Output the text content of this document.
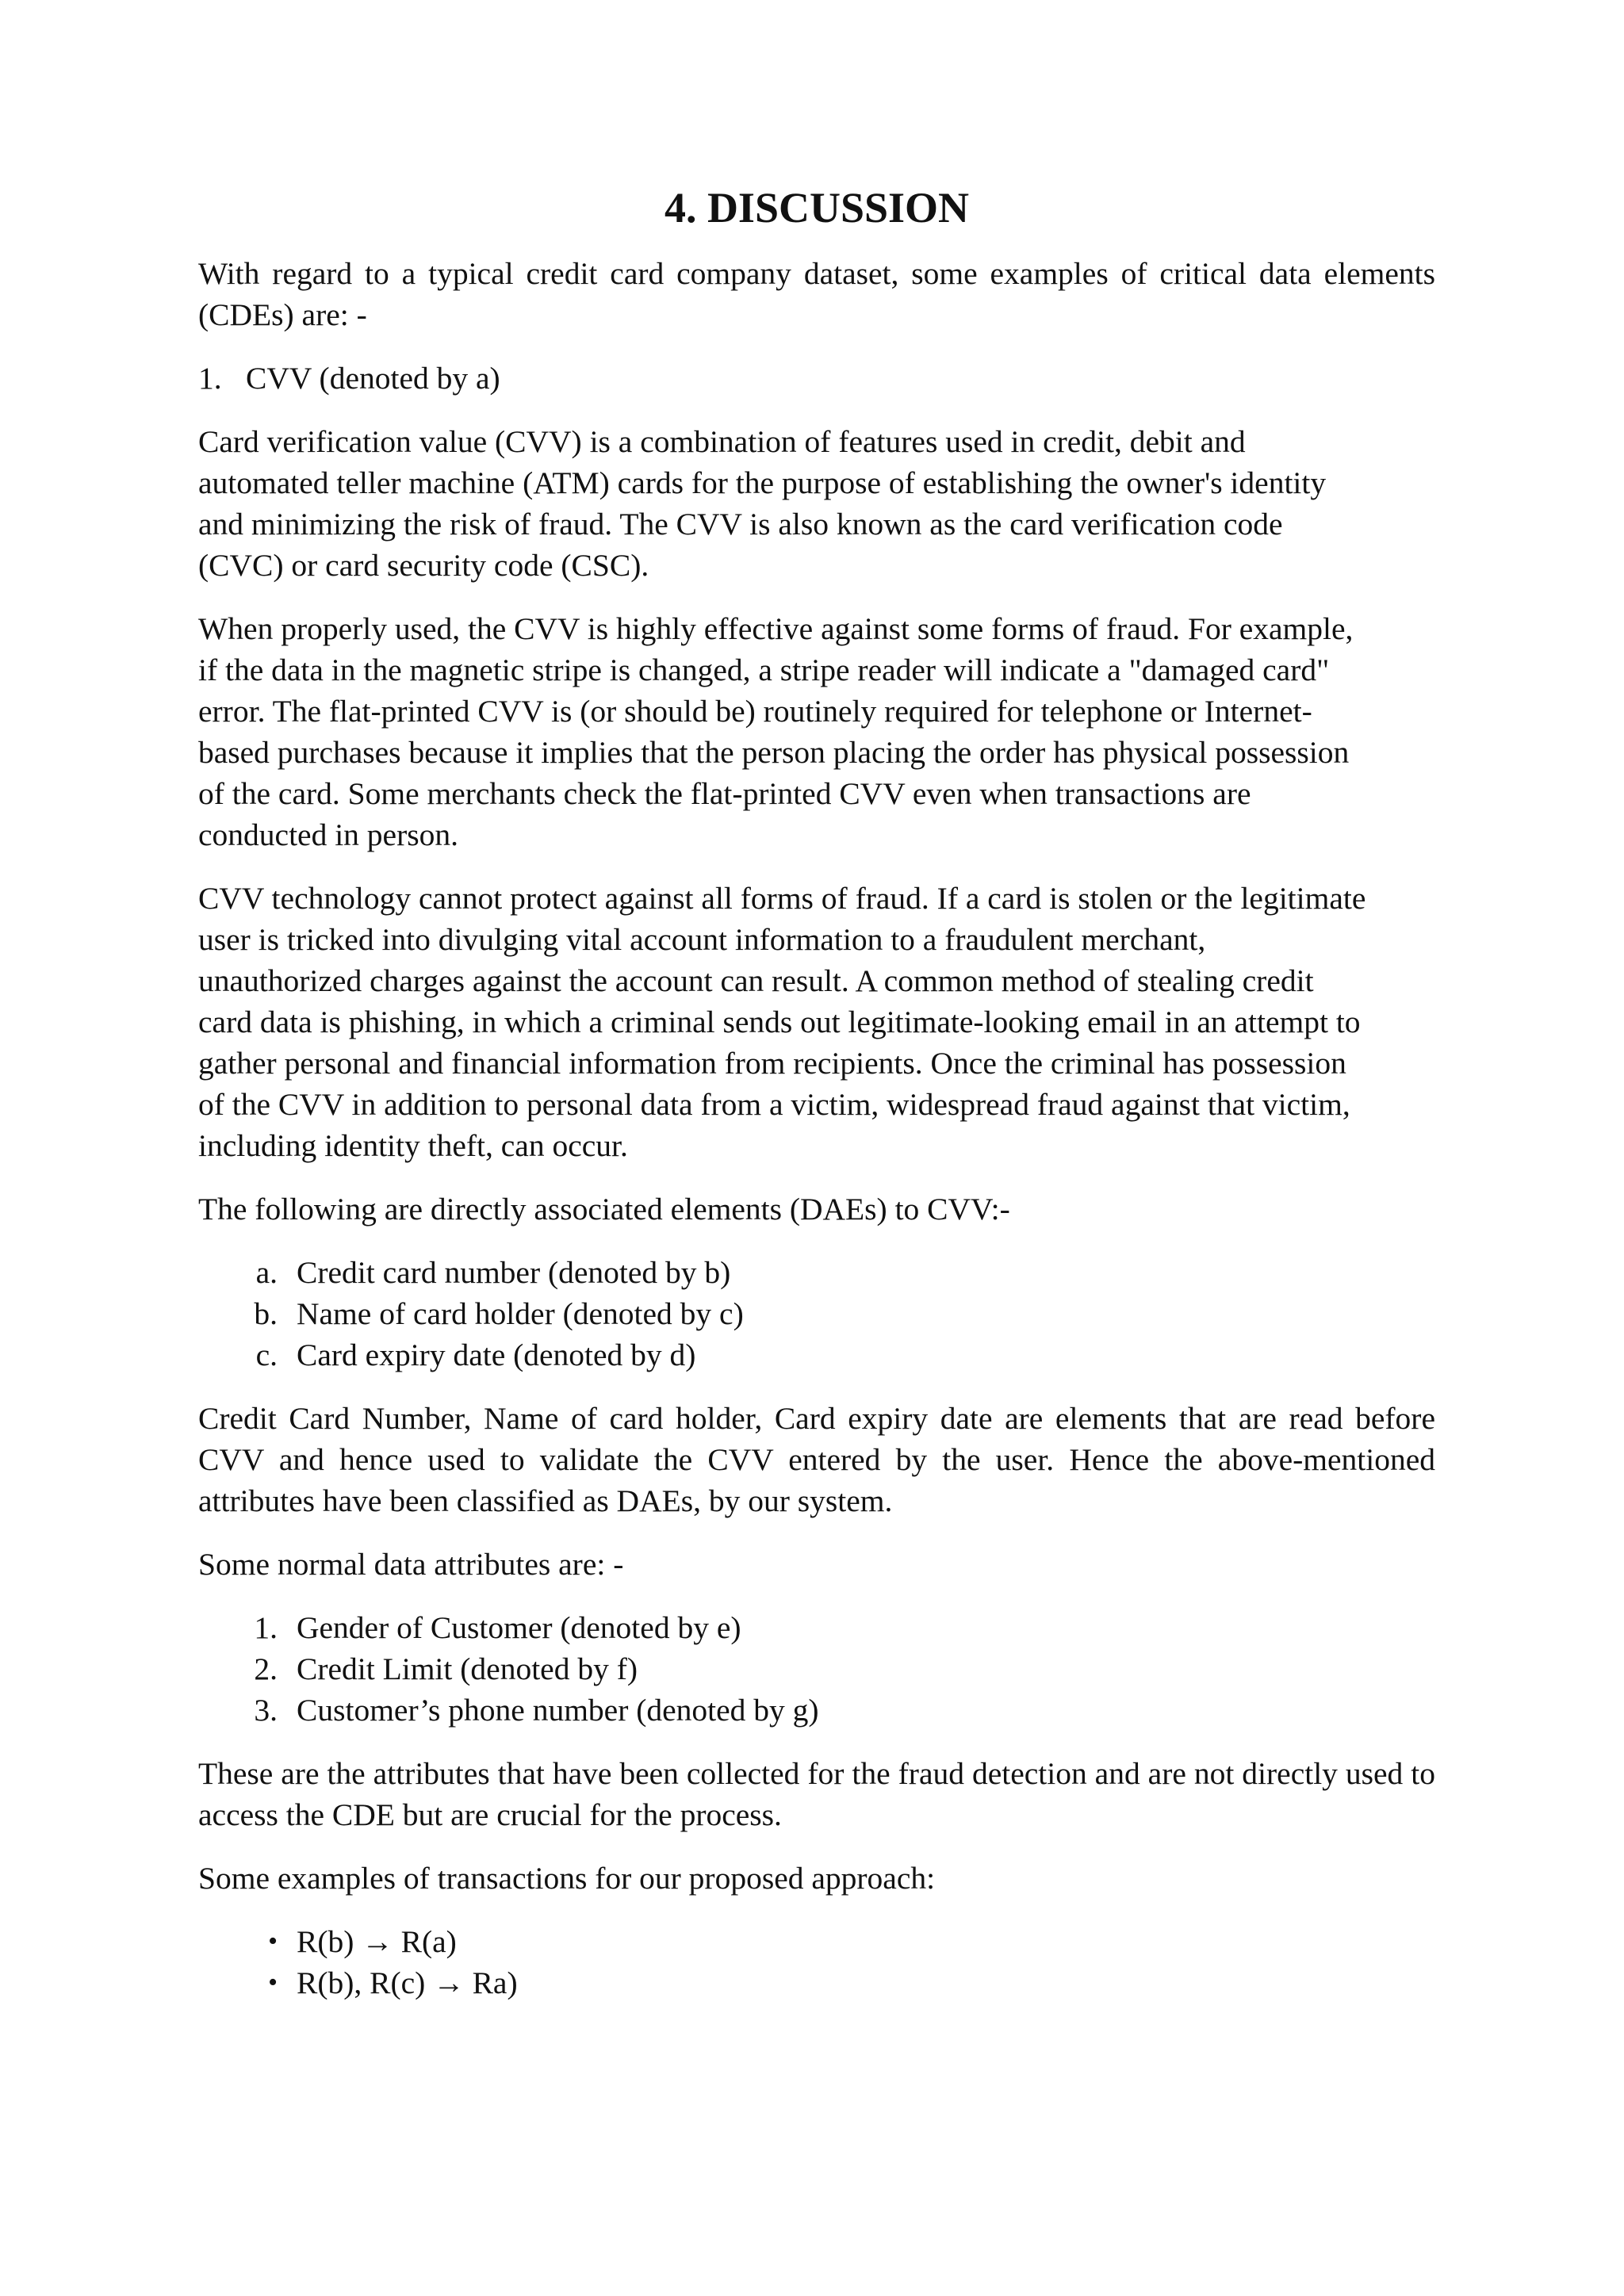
4. DISCUSSION

With regard to a typical credit card company dataset, some examples of critical data elements (CDEs) are: -

1. CVV (denoted by a)

Card verification value (CVV) is a combination of features used in credit, debit and
automated teller machine (ATM) cards for the purpose of establishing the owner's identity
and minimizing the risk of fraud. The CVV is also known as the card verification code
(CVC) or card security code (CSC).

When properly used, the CVV is highly effective against some forms of fraud. For example,
if the data in the magnetic stripe is changed, a stripe reader will indicate a "damaged card"
error. The flat-printed CVV is (or should be) routinely required for telephone or Internet-
based purchases because it implies that the person placing the order has physical possession
of the card. Some merchants check the flat-printed CVV even when transactions are
conducted in person.

CVV technology cannot protect against all forms of fraud. If a card is stolen or the legitimate
user is tricked into divulging vital account information to a fraudulent merchant,
unauthorized charges against the account can result. A common method of stealing credit
card data is phishing, in which a criminal sends out legitimate-looking email in an attempt to
gather personal and financial information from recipients. Once the criminal has possession
of the CVV in addition to personal data from a victim, widespread fraud against that victim,
including identity theft, can occur.

The following are directly associated elements (DAEs) to CVV:-

a. Credit card number (denoted by b)
b. Name of card holder (denoted by c)
c. Card expiry date (denoted by d)

Credit Card Number, Name of card holder, Card expiry date are elements that are read before CVV and hence used to validate the CVV entered by the user. Hence the above-mentioned attributes have been classified as DAEs, by our system.

Some normal data attributes are: -

1. Gender of Customer (denoted by e)
2. Credit Limit (denoted by f)
3. Customer’s phone number (denoted by g)

These are the attributes that have been collected for the fraud detection and are not directly used to access the CDE but are crucial for the process.

Some examples of transactions for our proposed approach:

• R(b) → R(a)
• R(b), R(c) → Ra)
